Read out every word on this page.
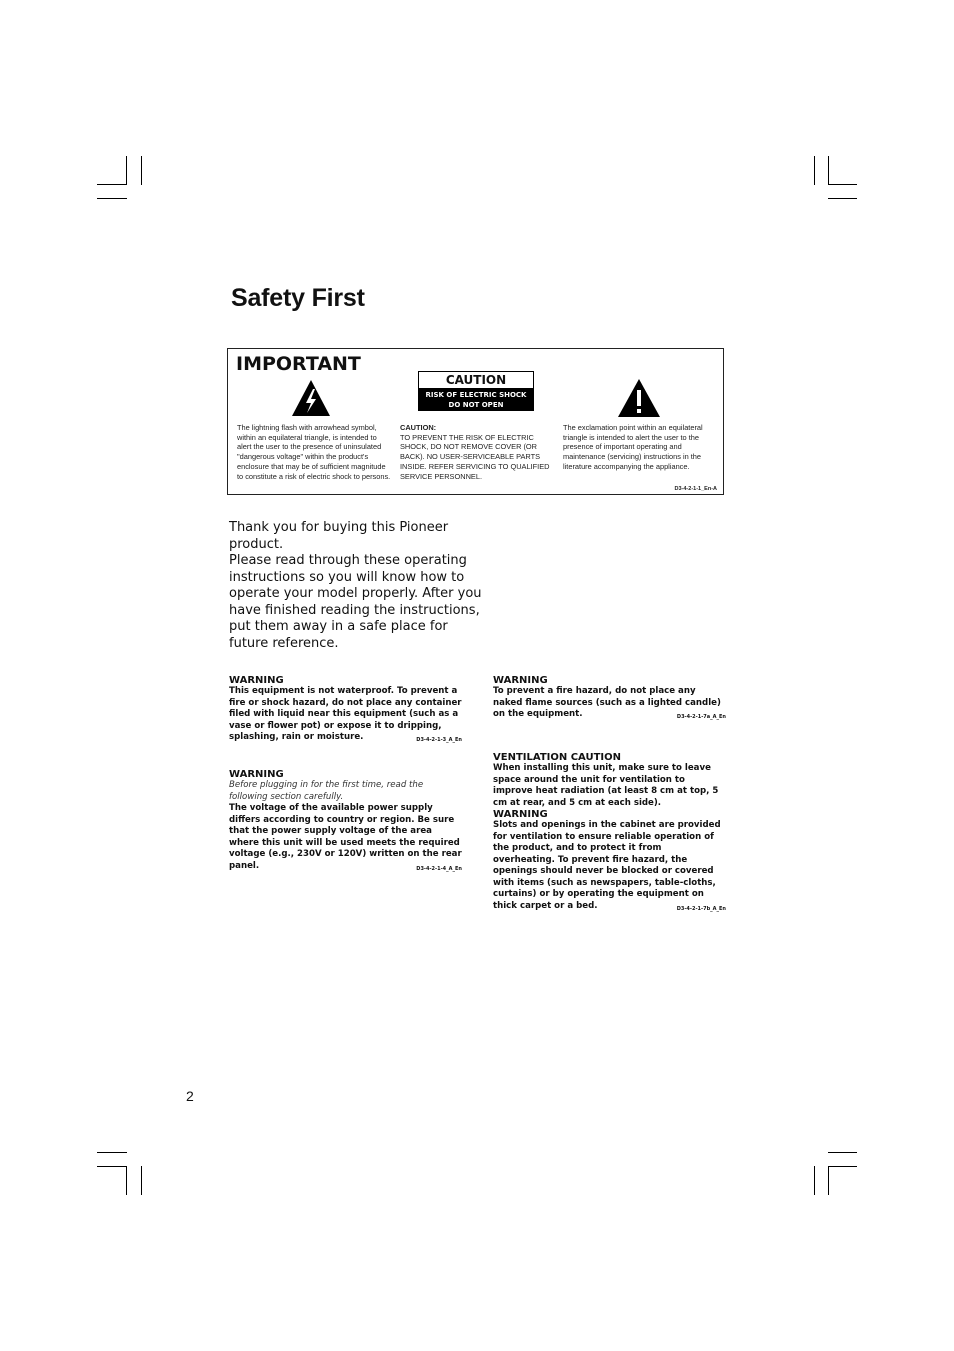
Safety First
IMPORTANT
CAUTION
RISK OF ELECTRIC SHOCK
DO NOT OPEN
The lightning flash with arrowhead symbol, within an equilateral triangle, is intended to alert the user to the presence of uninsulated "dangerous voltage" within the product's enclosure that may be of sufficient magnitude to constitute a risk of electric shock to persons.
CAUTION:
TO PREVENT THE RISK OF ELECTRIC SHOCK, DO NOT REMOVE COVER (OR BACK). NO USER-SERVICEABLE PARTS INSIDE. REFER SERVICING TO QUALIFIED SERVICE PERSONNEL.
The exclamation point within an equilateral triangle is intended to alert the user to the presence of important operating and maintenance (servicing) instructions in the literature accompanying the appliance.
D3-4-2-1-1_En-A
Thank you for buying this Pioneer product.
Please read through these operating instructions so you will know how to operate your model properly. After you have finished reading the instructions, put them away in a safe place for future reference.
WARNING
This equipment is not waterproof. To prevent a fire or shock hazard, do not place any container filed with liquid near this equipment (such as a vase or flower pot) or expose it to dripping, splashing, rain or moisture.	D3-4-2-1-3_A_En
WARNING
Before plugging in for the first time, read the following section carefully.
The voltage of the available power supply differs according to country or region. Be sure that the power supply voltage of the area where this unit will be used meets the required voltage (e.g., 230V or 120V) written on the rear panel.	D3-4-2-1-4_A_En
WARNING
To prevent a fire hazard, do not place any naked flame sources (such as a lighted candle) on the equipment.	D3-4-2-1-7a_A_En
VENTILATION CAUTION
When installing this unit, make sure to leave space around the unit for ventilation to improve heat radiation (at least 8 cm at top, 5 cm at rear, and 5 cm at each side).
WARNING
Slots and openings in the cabinet are provided for ventilation to ensure reliable operation of the product, and to protect it from overheating. To prevent fire hazard, the openings should never be blocked or covered with items (such as newspapers, table-cloths, curtains) or by operating the equipment on thick carpet or a bed.	D3-4-2-1-7b_A_En
2
